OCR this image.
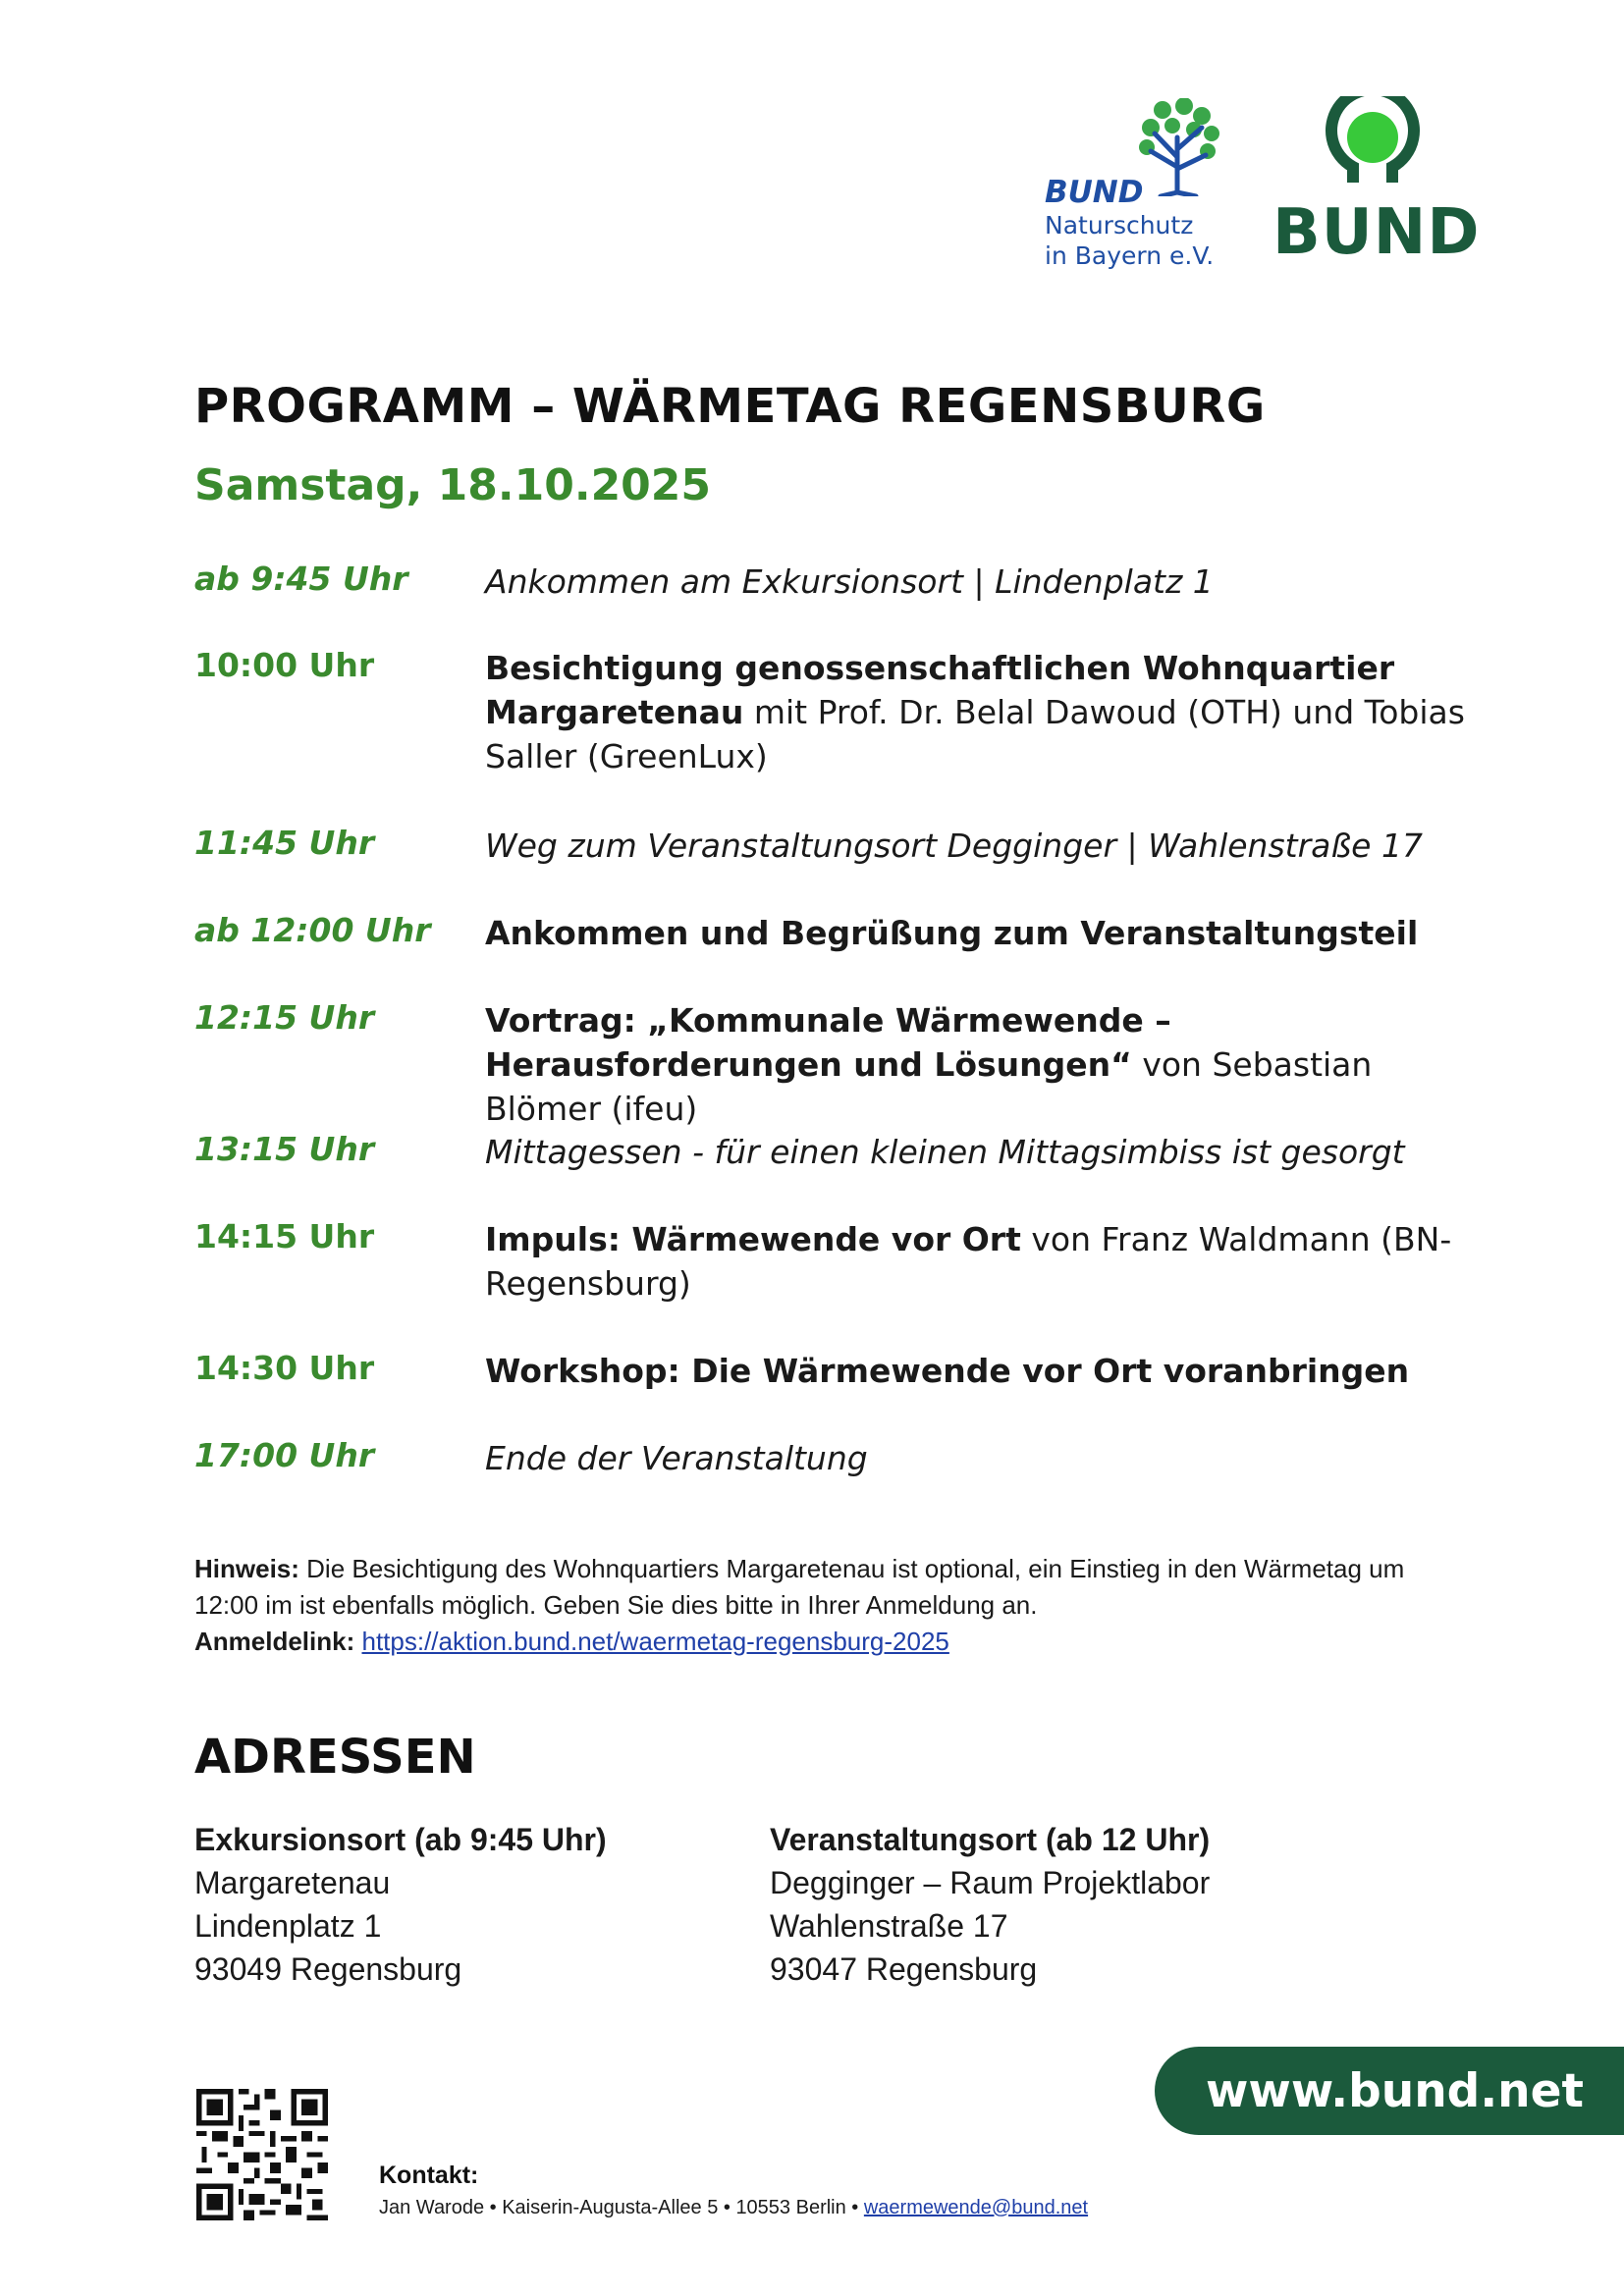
BUND
Naturschutz
in Bayern e.V. BUND
PROGRAMM – WÄRMETAG REGENSBURG
Samstag, 18.10.2025
ab 9:45 Uhr Ankommen am Exkursionsort | Lindenplatz 1
10:00 Uhr	Besichtigung genossenschaftlichen Wohnquartier Margaretenau mit Prof. Dr. Belal Dawoud (OTH) und Tobias Saller (GreenLux)
11:45 Uhr	Weg zum Veranstaltungsort Degginger | Wahlenstraße 17
ab 12:00 Uhr Ankommen und Begrüßung zum Veranstaltungsteil
12:15 Uhr	Vortrag: „Kommunale Wärmewende – Herausforderungen und Lösungen“ von Sebastian Blömer (ifeu)
13:15 Uhr	Mittagessen - für einen kleinen Mittagsimbiss ist gesorgt
14:15 Uhr	Impuls: Wärmewende vor Ort von Franz Waldmann (BN-Regensburg)
14:30 Uhr	Workshop: Die Wärmewende vor Ort voranbringen
17:00 Uhr	Ende der Veranstaltung
Hinweis: Die Besichtigung des Wohnquartiers Margaretenau ist optional, ein Einstieg in den Wärmetag um 12:00 im ist ebenfalls möglich. Geben Sie dies bitte in Ihrer Anmeldung an.
Anmeldelink: https://aktion.bund.net/waermetag-regensburg-2025
ADRESSEN
Exkursionsort (ab 9:45 Uhr)
Margaretenau
Lindenplatz 1
93049 Regensburg
Veranstaltungsort (ab 12 Uhr)
Degginger – Raum Projektlabor
Wahlenstraße 17
93047 Regensburg
www.bund.net
Kontakt:
Jan Warode • Kaiserin-Augusta-Allee 5 • 10553 Berlin • waermewende@bund.net
